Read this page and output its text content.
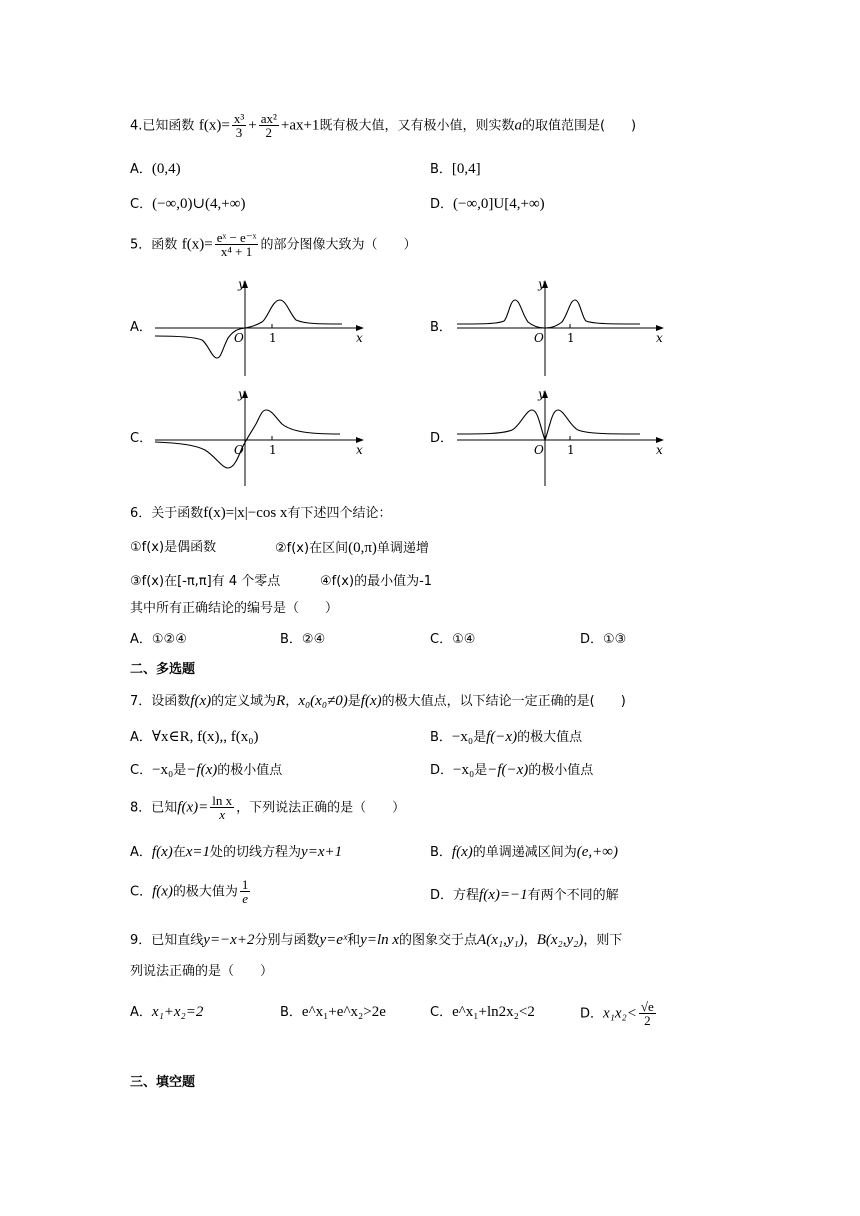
4.已知函数 $f(x)= \frac{\text{x³}}{3} + \frac{\text{ax²}}{2} +ax+1$既有极大值，又有极小值，则实数a的取值范围是(　　)
A．(0,4)	B．[0,4]
C．(−∞,0)∪(4,+∞)	D．(−∞,0]U[4,+∞)
5．函数 $f(x)= \frac{\text{eˣ − e⁻ˣ}}{\text{x⁴ + 1}}$ 的部分图像大致为（　　）
A．	B．
C．	D．
y
x
O 1
y
x
O 1
y
x
O 1
y
x
O 1
6．关于函数f(x)=|x|−cos x有下述四个结论：
①f(x)是偶函数	②f(x)在区间(0,π)单调递增
③f(x)在[-π,π]有 4 个零点	④f(x)的最小值为-1
其中所有正确结论的编号是（　　）
A．①②④	B．②④	C．①④	D．①③
二、多选题
7．设函数f(x)的定义域为R，x₀(x₀≠0)是f(x)的极大值点，以下结论一定正确的是(　　)
A．∀x∈R, f(x),, f(x₀)	B．−x₀是f(−x)的极大值点
C．−x₀是−f(x)的极小值点	D．−x₀是−f(−x)的极小值点
8．已知$f(x)= \frac{\text{ln x}}{x}$ ，下列说法正确的是（　　）
A．f(x)在x=1处的切线方程为y=x+1	B．f(x)的单调递减区间为(e,+∞)
C．f(x)的极大值为 $\frac{1}{e}$	D．方程f(x)=−1有两个不同的解
9．已知直线y=−x+2分别与函数y=eˣ和y=ln x的图象交于点A(x₁,y₁)，B(x₂,y₂)，则下
列说法正确的是（　　）
A．x₁+x₂=2	B．e^x₁+e^x₂>2e	C．e^x₁+ln2x₂<2	D．$x_1x_2< \frac{√e}{2}$
三、填空题
